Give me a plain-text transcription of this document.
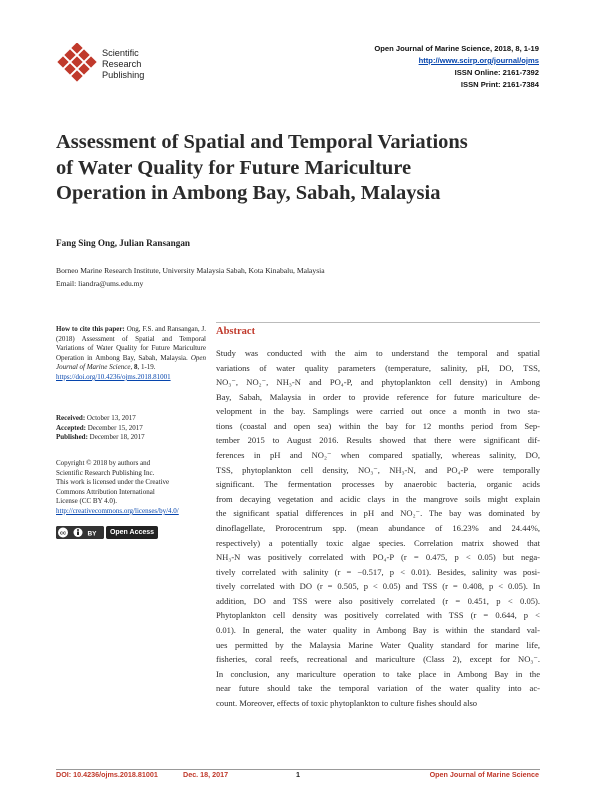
Scientific
Research
Publishing
Open Journal of Marine Science, 2018, 8, 1-19
http://www.scirp.org/journal/ojms
ISSN Online: 2161-7392
ISSN Print: 2161-7384
Assessment of Spatial and Temporal Variations
of Water Quality for Future Mariculture
Operation in Ambong Bay, Sabah, Malaysia
Fang Sing Ong, Julian Ransangan
Borneo Marine Research Institute, University Malaysia Sabah, Kota Kinabalu, Malaysia
Email: liandra@ums.edu.my
How to cite this paper: Ong, F.S. and Ransangan, J. (2018) Assessment of Spatial and Temporal Variations of Water Quality for Future Mariculture Operation in Ambong Bay, Sabah, Malaysia. Open Journal of Marine Science, 8, 1-19.
https://doi.org/10.4236/ojms.2018.81001
Received: October 13, 2017
Accepted: December 15, 2017
Published: December 18, 2017
Copyright © 2018 by authors and
Scientific Research Publishing Inc.
This work is licensed under the Creative
Commons Attribution International
License (CC BY 4.0).
http://creativecommons.org/licenses/by/4.0/
cc	BY	Open Access
Abstract
Study was conducted with the aim to understand the temporal and spatial
variations of water quality parameters (temperature, salinity, pH, DO, TSS,
NO₃⁻, NO₂⁻, NH₃-N and PO₄-P, and phytoplankton cell density) in Ambong
Bay, Sabah, Malaysia in order to provide reference for future mariculture de-
velopment in the bay. Samplings were carried out once a month in two sta-
tions (coastal and open sea) within the bay for 12 months period from Sep-
tember 2015 to August 2016. Results showed that there were significant dif-
ferences in pH and NO₂⁻ when compared spatially, whereas salinity, DO,
TSS, phytoplankton cell density, NO₃⁻, NH₃-N, and PO₄-P were temporally
significant. The fermentation processes by anaerobic bacteria, organic acids
from decaying vegetation and acidic clays in the mangrove soils might explain
the significant spatial differences in pH and NO₂⁻. The bay was dominated by
dinoflagellate, Prorocentrum spp. (mean abundance of 16.23% and 24.44%,
respectively) a potentially toxic algae species. Correlation matrix showed that
NH₃-N was positively correlated with PO₄-P (r = 0.475, p < 0.05) but nega-
tively correlated with salinity (r = −0.517, p < 0.01). Besides, salinity was posi-
tively correlated with DO (r = 0.505, p < 0.05) and TSS (r = 0.408, p < 0.05). In
addition, DO and TSS were also positively correlated (r = 0.451, p < 0.05).
Phytoplankton cell density was positively correlated with TSS (r = 0.644, p <
0.01). In general, the water quality in Ambong Bay is within the standard val-
ues permitted by the Malaysia Marine Water Quality standard for marine life,
fisheries, coral reefs, recreational and mariculture (Class 2), except for NO₃⁻.
In conclusion, any mariculture operation to take place in Ambong Bay in the
near future should take the temporal variation of the water quality into ac-
count. Moreover, effects of toxic phytoplankton to culture fishes should also
DOI: 10.4236/ojms.2018.81001	Dec. 18, 2017	1	Open Journal of Marine Science
